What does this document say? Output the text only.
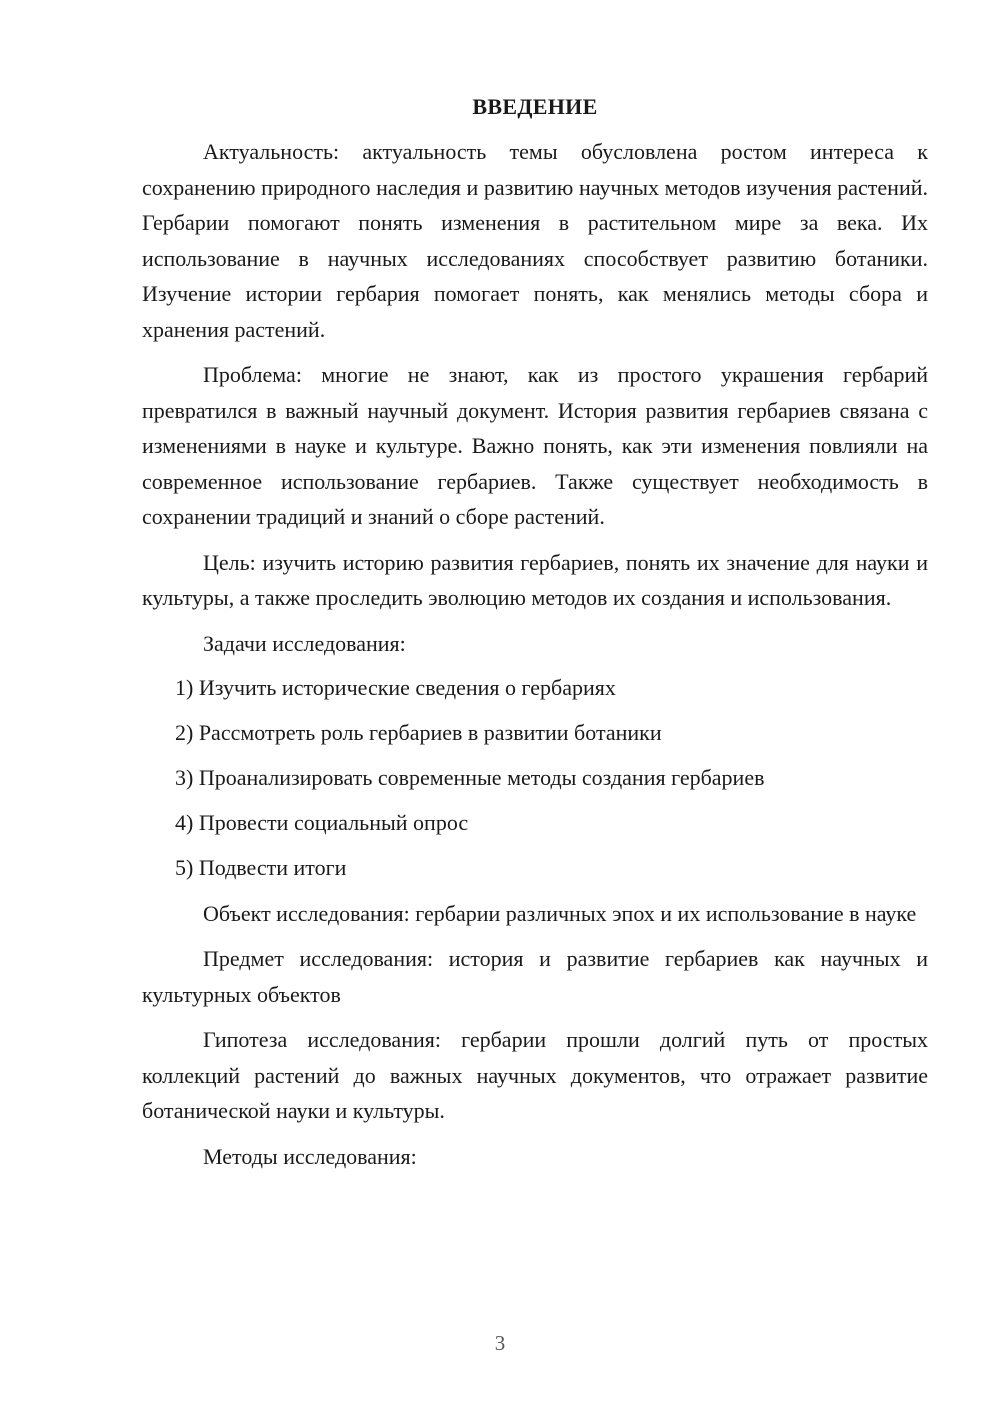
ВВЕДЕНИЕ

Актуальность: актуальность темы обусловлена ростом интереса к сохранению природного наследия и развитию научных методов изучения растений. Гербарии помогают понять изменения в растительном мире за века. Их использование в научных исследованиях способствует развитию ботаники. Изучение истории гербария помогает понять, как менялись методы сбора и хранения растений.

Проблема: многие не знают, как из простого украшения гербарий превратился в важный научный документ. История развития гербариев связана с изменениями в науке и культуре. Важно понять, как эти изменения повлияли на современное использование гербариев. Также существует необходимость в сохранении традиций и знаний о сборе растений.

Цель: изучить историю развития гербариев, понять их значение для науки и культуры, а также проследить эволюцию методов их создания и использования.

Задачи исследования:

1) Изучить исторические сведения о гербариях
2) Рассмотреть роль гербариев в развитии ботаники
3) Проанализировать современные методы создания гербариев
4) Провести социальный опрос
5) Подвести итоги

Объект исследования: гербарии различных эпох и их использование в науке

Предмет исследования: история и развитие гербариев как научных и культурных объектов

Гипотеза исследования: гербарии прошли долгий путь от простых коллекций растений до важных научных документов, что отражает развитие ботанической науки и культуры.

Методы исследования:

3
